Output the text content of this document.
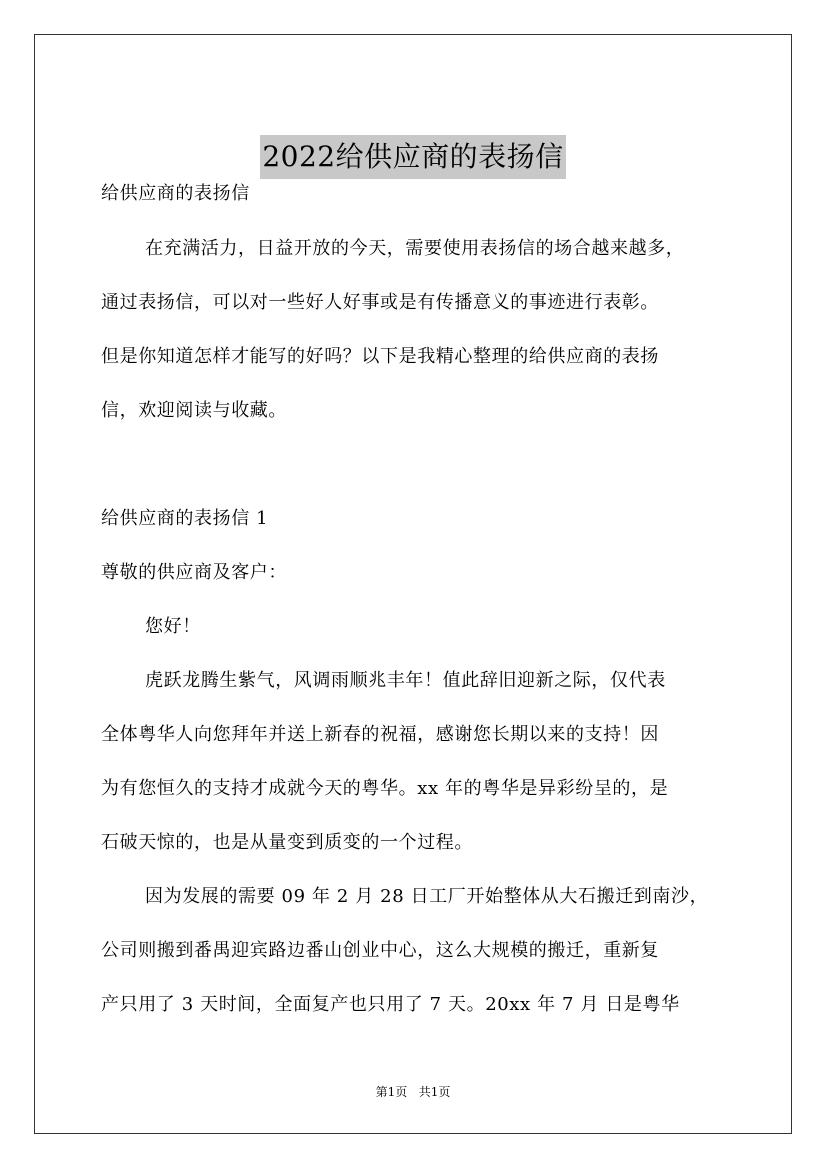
2022给供应商的表扬信
给供应商的表扬信
在充满活力，日益开放的今天，需要使用表扬信的场合越来越多，
通过表扬信，可以对一些好人好事或是有传播意义的事迹进行表彰。
但是你知道怎样才能写的好吗？以下是我精心整理的给供应商的表扬
信，欢迎阅读与收藏。
给供应商的表扬信 1
尊敬的供应商及客户：
您好！
虎跃龙腾生紫气，风调雨顺兆丰年！值此辞旧迎新之际，仅代表
全体粤华人向您拜年并送上新春的祝福，感谢您长期以来的支持！因
为有您恒久的支持才成就今天的粤华。xx 年的粤华是异彩纷呈的，是
石破天惊的，也是从量变到质变的一个过程。
因为发展的需要 09 年 2 月 28 日工厂开始整体从大石搬迁到南沙，
公司则搬到番禺迎宾路边番山创业中心，这么大规模的搬迁，重新复
产只用了 3 天时间，全面复产也只用了 7 天。20xx 年 7 月 日是粤华
第1页   共1页
